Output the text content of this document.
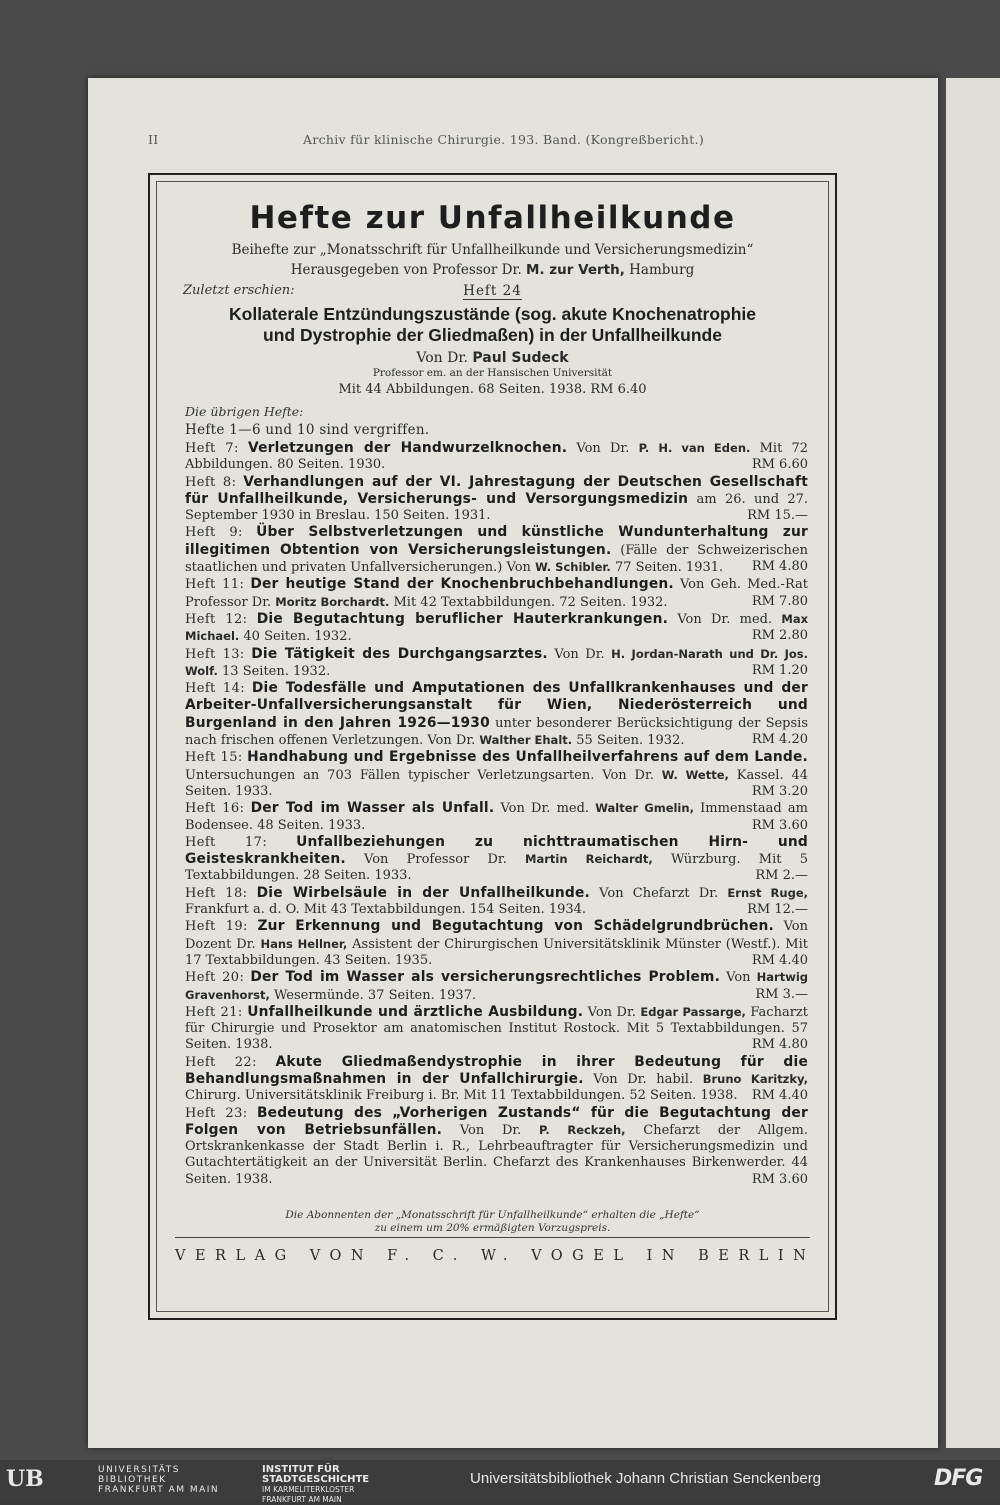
II	Archiv für klinische Chirurgie. 193. Band. (Kongreßbericht.)
Hefte zur Unfallheilkunde
Beihefte zur „Monatsschrift für Unfallheilkunde und Versicherungsmedizin“
Herausgegeben von Professor Dr. M. zur Verth, Hamburg
Zuletzt erschien:	Heft 24
Kollaterale Entzündungszustände (sog. akute Knochenatrophie
und Dystrophie der Gliedmaßen) in der Unfallheilkunde
Von Dr. Paul Sudeck
Professor em. an der Hansischen Universität
Mit 44 Abbildungen. 68 Seiten. 1938. RM 6.40
Die übrigen Hefte:
Hefte 1—6 und 10 sind vergriffen.
Heft 7: Verletzungen der Handwurzelknochen. Von Dr. P. H. van Eden. Mit 72 Abbildungen. 80 Seiten. 1930.	RM 6.60
Heft 8: Verhandlungen auf der VI. Jahrestagung der Deutschen Gesellschaft für Unfallheilkunde, Versicherungs- und Versorgungsmedizin am 26. und 27. September 1930 in Breslau. 150 Seiten. 1931.	RM 15.—
Heft 9: Über Selbstverletzungen und künstliche Wundunterhaltung zur illegitimen Obtention von Versicherungsleistungen. (Fälle der Schweizerischen staatlichen und privaten Unfallversicherungen.) Von W. Schibler. 77 Seiten. 1931. RM 4.80
Heft 11: Der heutige Stand der Knochenbruchbehandlungen. Von Geh. Med.-Rat Professor Dr. Moritz Borchardt. Mit 42 Textabbildungen. 72 Seiten. 1932.	RM 7.80
Heft 12: Die Begutachtung beruflicher Hauterkrankungen. Von Dr. med. Max Michael. 40 Seiten. 1932.	RM 2.80
Heft 13: Die Tätigkeit des Durchgangsarztes. Von Dr. H. Jordan-Narath und Dr. Jos. Wolf. 13 Seiten. 1932.	RM 1.20
Heft 14: Die Todesfälle und Amputationen des Unfallkrankenhauses und der Arbeiter-Unfallversicherungsanstalt für Wien, Niederösterreich und Burgenland in den Jahren 1926—1930 unter besonderer Berücksichtigung der Sepsis nach frischen offenen Verletzungen. Von Dr. Walther Ehalt. 55 Seiten. 1932.	RM 4.20
Heft 15: Handhabung und Ergebnisse des Unfallheilverfahrens auf dem Lande. Untersuchungen an 703 Fällen typischer Verletzungsarten. Von Dr. W. Wette, Kassel. 44 Seiten. 1933.	RM 3.20
Heft 16: Der Tod im Wasser als Unfall. Von Dr. med. Walter Gmelin, Immenstaad am Bodensee. 48 Seiten. 1933.	RM 3.60
Heft 17: Unfallbeziehungen zu nichttraumatischen Hirn- und Geisteskrankheiten. Von Professor Dr. Martin Reichardt, Würzburg. Mit 5 Textabbildungen. 28 Seiten. 1933.	RM 2.—
Heft 18: Die Wirbelsäule in der Unfallheilkunde. Von Chefarzt Dr. Ernst Ruge, Frankfurt a. d. O. Mit 43 Textabbildungen. 154 Seiten. 1934.	RM 12.—
Heft 19: Zur Erkennung und Begutachtung von Schädelgrundbrüchen. Von Dozent Dr. Hans Hellner, Assistent der Chirurgischen Universitätsklinik Münster (Westf.). Mit 17 Textabbildungen. 43 Seiten. 1935.	RM 4.40
Heft 20: Der Tod im Wasser als versicherungsrechtliches Problem. Von Hartwig Gravenhorst, Wesermünde. 37 Seiten. 1937.	RM 3.—
Heft 21: Unfallheilkunde und ärztliche Ausbildung. Von Dr. Edgar Passarge, Facharzt für Chirurgie und Prosektor am anatomischen Institut Rostock. Mit 5 Textabbildungen. 57 Seiten. 1938.	RM 4.80
Heft 22: Akute Gliedmaßendystrophie in ihrer Bedeutung für die Behandlungsmaßnahmen in der Unfallchirurgie. Von Dr. habil. Bruno Karitzky, Chirurg. Universitätsklinik Freiburg i. Br. Mit 11 Textabbildungen. 52 Seiten. 1938. RM 4.40
Heft 23: Bedeutung des „Vorherigen Zustands“ für die Begutachtung der Folgen von Betriebsunfällen. Von Dr. P. Reckzeh, Chefarzt der Allgem. Ortskrankenkasse der Stadt Berlin i. R., Lehrbeauftragter für Versicherungsmedizin und Gutachtertätigkeit an der Universität Berlin. Chefarzt des Krankenhauses Birkenwerder. 44 Seiten. 1938.	RM 3.60
Die Abonnenten der „Monatsschrift für Unfallheilkunde“ erhalten die „Hefte“
zu einem um 20% ermäßigten Vorzugspreis.
VERLAG VON F. C. W. VOGEL IN BERLIN
UB	UNIVERSITÄTS
BIBLIOTHEK
FRANKFURT AM MAIN
INSTITUT FÜR
STADTGESCHICHTE
IM KARMELITERKLOSTER
FRANKFURT AM MAIN
Universitätsbibliothek Johann Christian Senckenberg	DFG
